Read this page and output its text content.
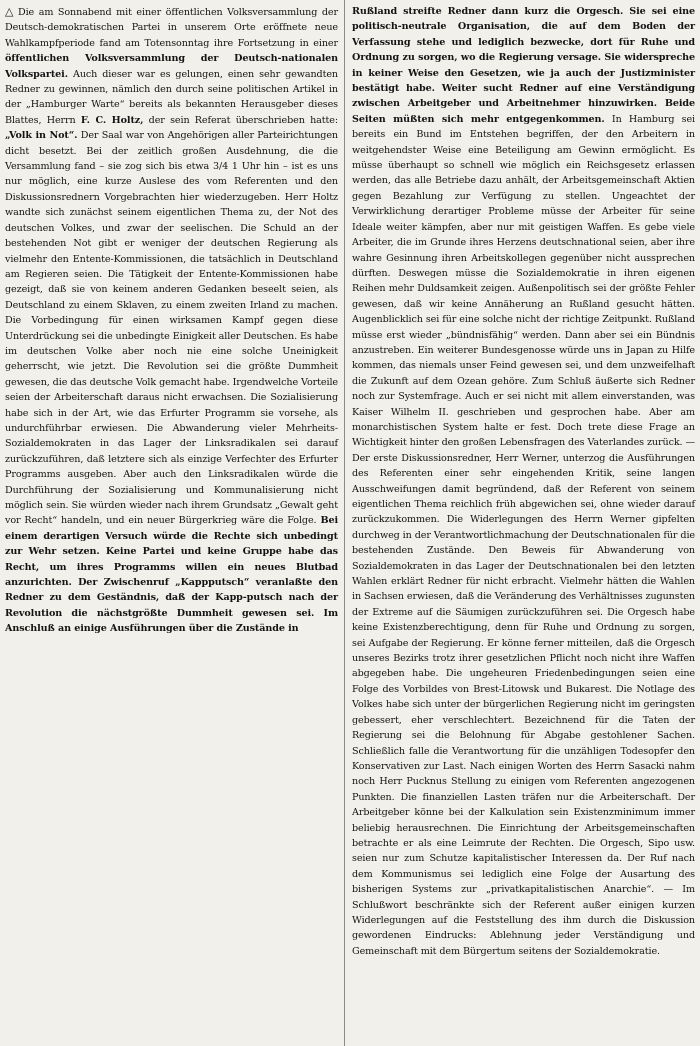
△ Die am Sonnabend mit einer öffentlichen Volksversammlung der Deutsch-demokratischen Partei in unserem Orte eröffnete neue Wahlkampfperiode fand am Totensonntag ihre Fortsetzung in einer öffentlichen Volksversammlung der Deutsch-nationalen Volkspartei. Auch dieser war es gelungen, einen sehr gewandten Redner zu gewinnen, nämlich den durch seine politischen Artikel in der „Hamburger Warte“ bereits als bekannten Herausgeber dieses Blattes, Herrn F. C. Holtz, der sein Referat überschrieben hatte: „Volk in Not“. Der Saal war von Angehörigen aller Parteirichtungen dicht besetzt. Bei der zeitlich großen Ausdehnung, die die Versammlung fand – sie zog sich bis etwa 3/4 1 Uhr hin – ist es uns nur möglich, eine kurze Auslese des vom Referenten und den Diskussionsrednern Vorgebrachten hier wiederzugeben. Herr Holtz wandte sich zunächst seinem eigentlichen Thema zu, der Not des deutschen Volkes, und zwar der seelischen. Die Schuld an der bestehenden Not gibt er weniger der deutschen Regierung als vielmehr den Entente-Kommissionen, die tatsächlich in Deutschland am Regieren seien. Die Tätigkeit der Entente-Kommissionen habe gezeigt, daß sie von keinem anderen Gedanken beseelt seien, als Deutschland zu einem Sklaven, zu einem zweiten Irland zu machen. Die Vorbedingung für einen wirksamen Kampf gegen diese Unterdrückung sei die unbedingte Einigkeit aller Deutschen. Es habe im deutschen Volke aber noch nie eine solche Uneinigkeit geherrscht, wie jetzt. Die Revolution sei die größte Dummheit gewesen, die das deutsche Volk gemacht habe. Irgendwelche Vorteile seien der Arbeiterschaft daraus nicht erwachsen. Die Sozialisierung habe sich in der Art, wie das Erfurter Programm sie vorsehe, als undurchführbar erwiesen. Die Abwanderung vieler Mehrheits-Sozialdemokraten in das Lager der Linksradikalen sei darauf zurückzuführen, daß letztere sich als einzige Verfechter des Erfurter Programms ausgeben. Aber auch den Linksradikalen würde die Durchführung der Sozialisierung und Kommunalisierung nicht möglich sein. Sie würden wieder nach ihrem Grundsatz „Gewalt geht vor Recht“ handeln, und ein neuer Bürgerkrieg wäre die Folge. Bei einem derartigen Versuch würde die Rechte sich unbedingt zur Wehr setzen. Keine Partei und keine Gruppe habe das Recht, um ihres Programms willen ein neues Blutbad anzurichten. Der Zwischenruf „Kappputsch“ veranlaßte den Redner zu dem Geständnis, daß der Kapp-putsch nach der Revolution die nächstgrößte Dummheit gewesen sei. Im Anschluß an einige Ausführungen über die Zustände in

Rußland streifte Redner dann kurz die Orgesch. Sie sei eine politisch-neutrale Organisation, die auf dem Boden der Verfassung stehe und lediglich bezwecke, dort für Ruhe und Ordnung zu sorgen, wo die Regierung versage. Sie widerspreche in keiner Weise den Gesetzen, wie ja auch der Justizminister bestätigt habe. Weiter sucht Redner auf eine Verständigung zwischen Arbeitgeber und Arbeitnehmer hinzuwirken. Beide Seiten müßten sich mehr entgegenkommen. In Hamburg sei bereits ein Bund im Entstehen begriffen, der den Arbeitern in weitgehendster Weise eine Beteiligung am Gewinn ermöglicht. Es müsse überhaupt so schnell wie möglich ein Reichsgesetz erlassen werden, das alle Betriebe dazu anhält, der Arbeitsgemeinschaft Aktien gegen Bezahlung zur Verfügung zu stellen. Ungeachtet der Verwirklichung derartiger Probleme müsse der Arbeiter für seine Ideale weiter kämpfen, aber nur mit geistigen Waffen. Es gebe viele Arbeiter, die im Grunde ihres Herzens deutschnational seien, aber ihre wahre Gesinnung ihren Arbeitskollegen gegenüber nicht aussprechen dürften. Deswegen müsse die Sozialdemokratie in ihren eigenen Reihen mehr Duldsamkeit zeigen. Außenpolitisch sei der größte Fehler gewesen, daß wir keine Annäherung an Rußland gesucht hätten. Augenblicklich sei für eine solche nicht der richtige Zeitpunkt. Rußland müsse erst wieder „bündnisfähig“ werden. Dann aber sei ein Bündnis anzustreben. Ein weiterer Bundesgenosse würde uns in Japan zu Hilfe kommen, das niemals unser Feind gewesen sei, und dem unzweifelhaft die Zukunft auf dem Ozean gehöre. Zum Schluß äußerte sich Redner noch zur Systemfrage. Auch er sei nicht mit allem einverstanden, was Kaiser Wilhelm II. geschrieben und gesprochen habe. Aber am monarchistischen System halte er fest. Doch trete diese Frage an Wichtigkeit hinter den großen Lebensfragen des Vaterlandes zurück. — Der erste Diskussionsredner, Herr Werner, unterzog die Ausführungen des Referenten einer sehr eingehenden Kritik, seine langen Ausschweifungen damit begründend, daß der Referent von seinem eigentlichen Thema reichlich früh abgewichen sei, ohne wieder darauf zurückzukommen. Die Widerlegungen des Herrn Werner gipfelten durchweg in der Verantwortlichmachung der Deutschnationalen für die bestehenden Zustände. Den Beweis für Abwanderung von Sozialdemokraten in das Lager der Deutschnationalen bei den letzten Wahlen erklärt Redner für nicht erbracht. Vielmehr hätten die Wahlen in Sachsen erwiesen, daß die Veränderung des Verhältnisses zugunsten der Extreme auf die Säumigen zurückzuführen sei. Die Orgesch habe keine Existenzberechtigung, denn für Ruhe und Ordnung zu sorgen, sei Aufgabe der Regierung. Er könne ferner mitteilen, daß die Orgesch unseres Bezirks trotz ihrer gesetzlichen Pflicht noch nicht ihre Waffen abgegeben habe. Die ungeheuren Friedenbedingungen seien eine Folge des Vorbildes von Brest-Litowsk und Bukarest. Die Notlage des Volkes habe sich unter der bürgerlichen Regierung nicht im geringsten gebessert, eher verschlechtert. Bezeichnend für die Taten der Regierung sei die Belohnung für Abgabe gestohlener Sachen. Schließlich falle die Verantwortung für die unzähligen Todesopfer den Konservativen zur Last. Nach einigen Worten des Herrn Sasacki nahm noch Herr Pucknus Stellung zu einigen vom Referenten angezogenen Punkten. Die finanziellen Lasten träfen nur die Arbeiterschaft. Der Arbeitgeber könne bei der Kalkulation sein Existenzminimum immer beliebig herausrechnen. Die Einrichtung der Arbeitsgemeinschaften betrachte er als eine Leimrute der Rechten. Die Orgesch, Sipo usw. seien nur zum Schutze kapitalistischer Interessen da. Der Ruf nach dem Kommunismus sei lediglich eine Folge der Ausartung des bisherigen Systems zur „privatkapitalistischen Anarchie“. — Im Schlußwort beschränkte sich der Referent außer einigen kurzen Widerlegungen auf die Feststellung des ihm durch die Diskussion gewordenen Eindrucks: Ablehnung jeder Verständigung und Gemeinschaft mit dem Bürgertum seitens der Sozialdemokratie.
